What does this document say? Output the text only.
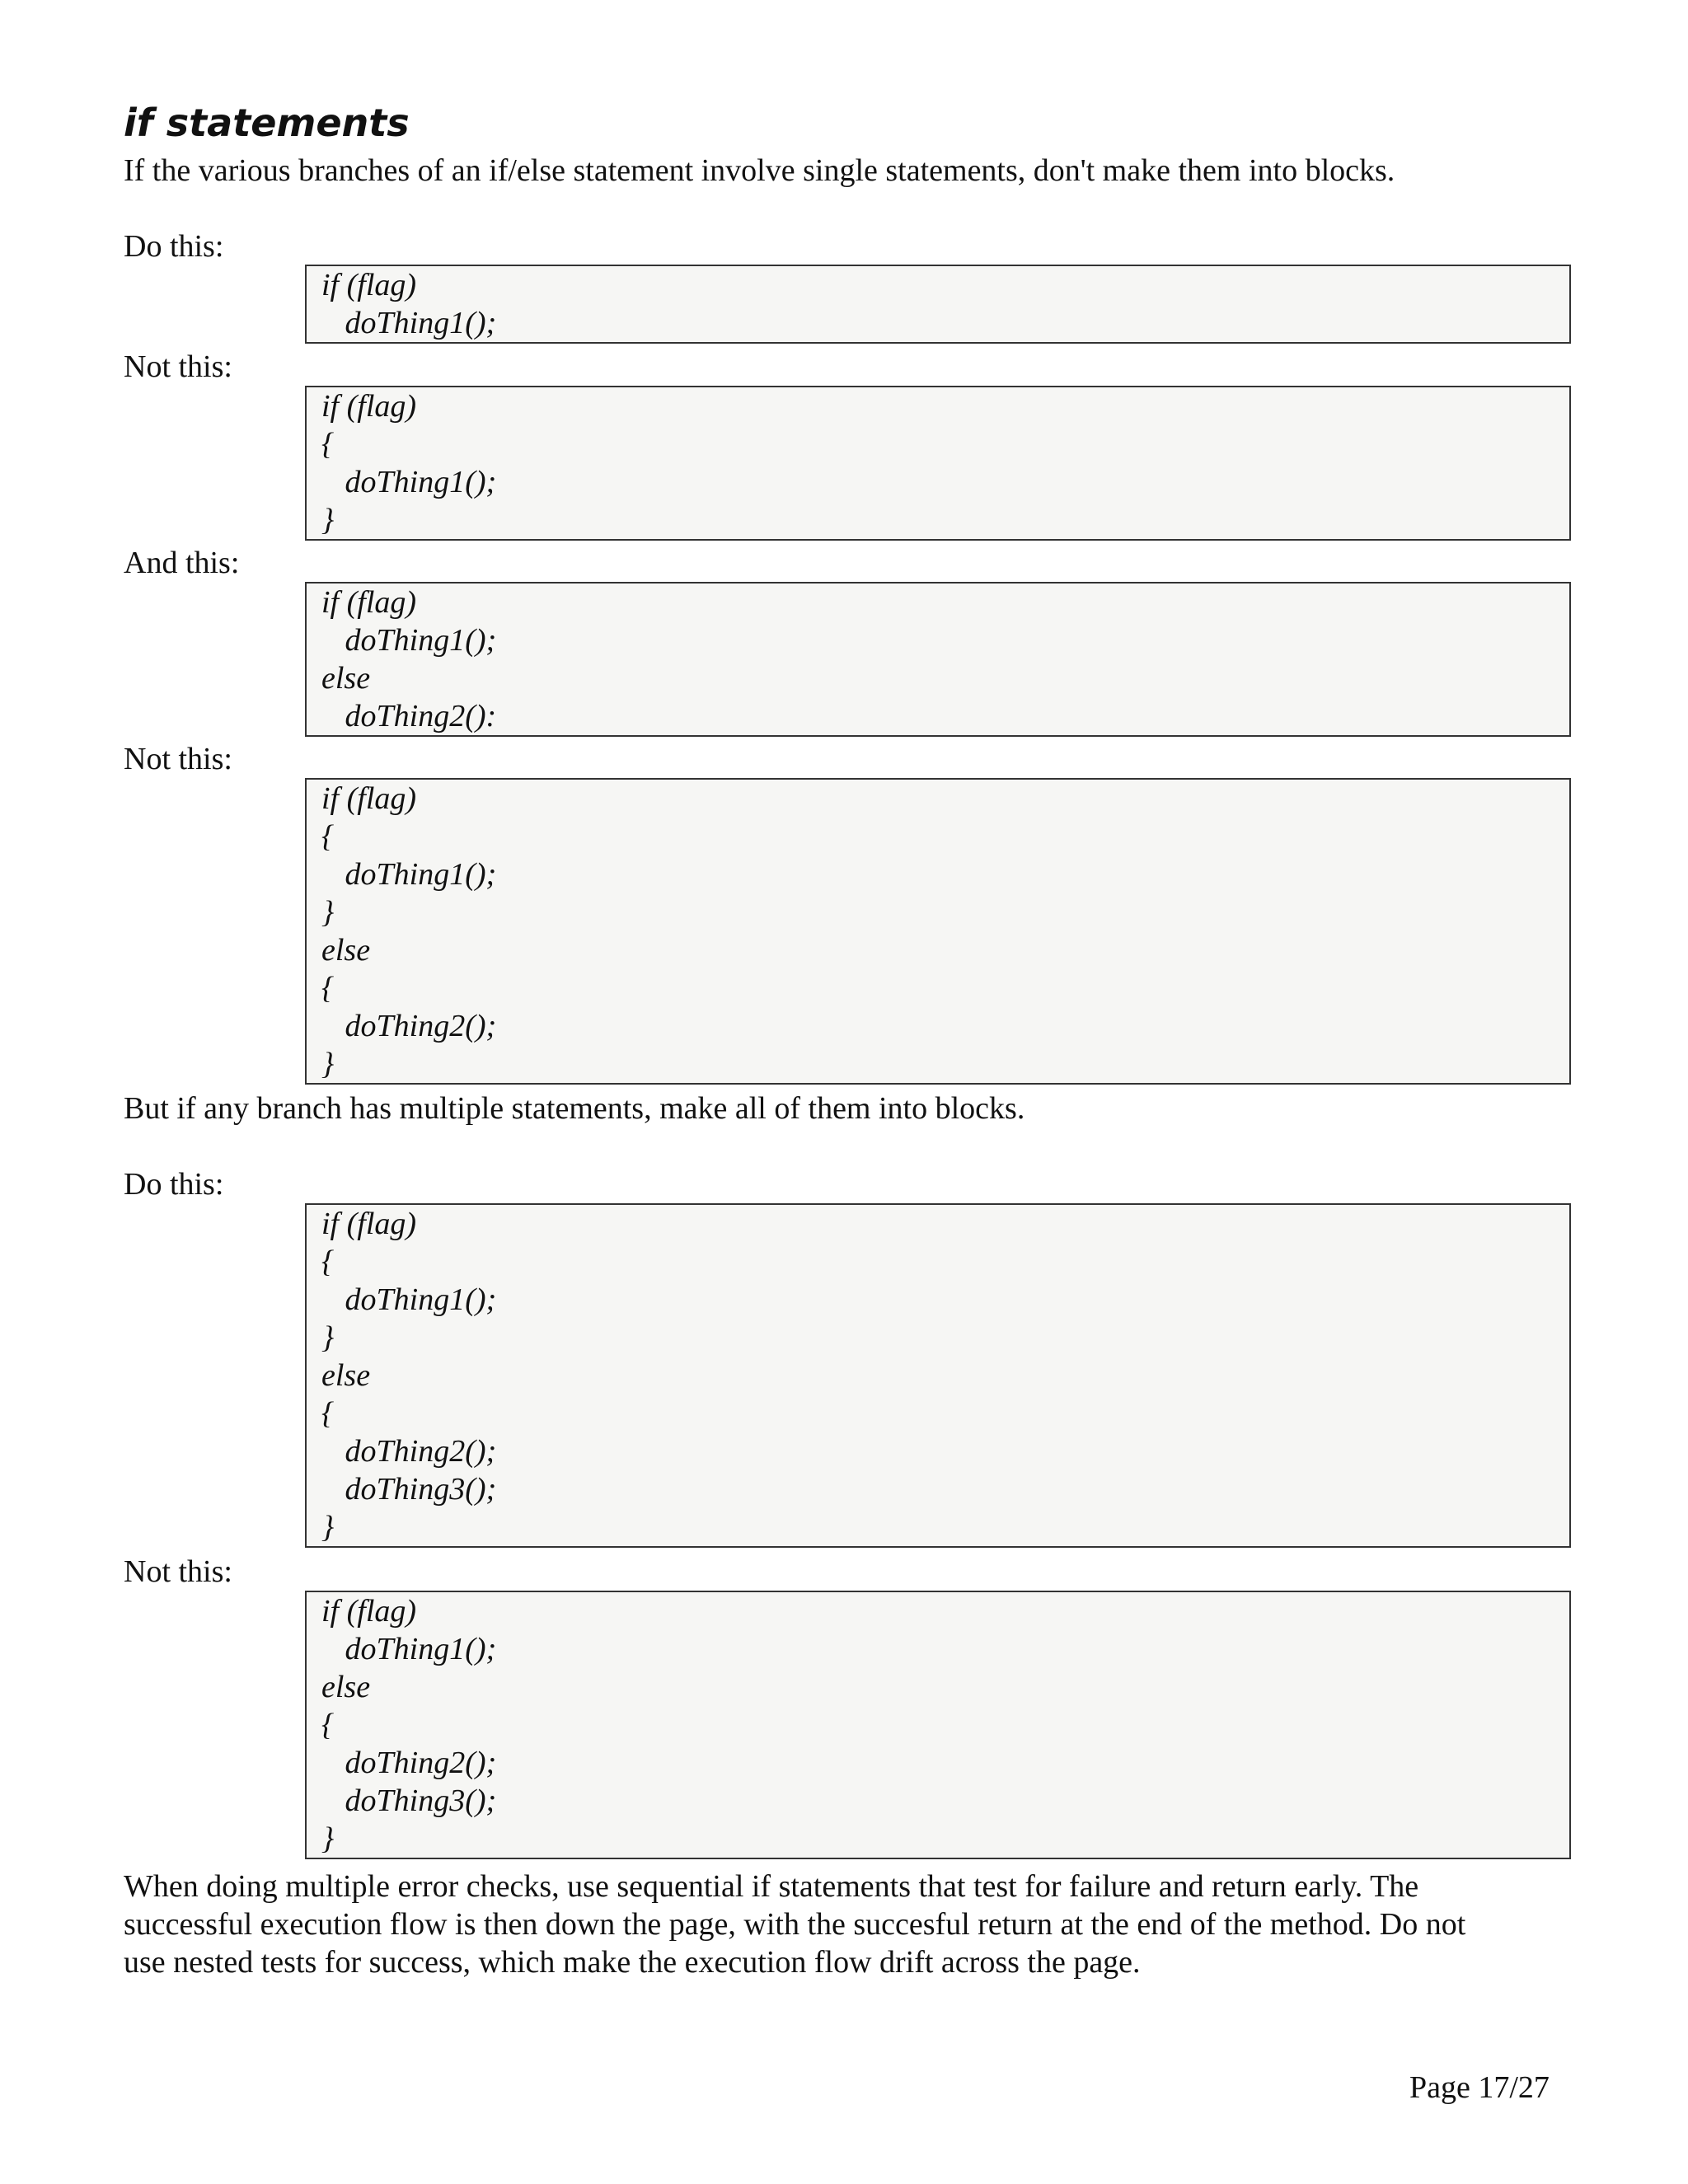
if statements

If the various branches of an if/else statement involve single statements, don't make them into blocks.

Do this:
if (flag)
doThing1();
Not this:
if (flag)
{
doThing1();
}
And this:
if (flag)
doThing1();
else
doThing2():
Not this:
if (flag)
{
doThing1();
}
else
{
doThing2();
}

But if any branch has multiple statements, make all of them into blocks.

Do this:
if (flag)
{
doThing1();
}
else
{
doThing2();
doThing3();
}
Not this:
if (flag)
doThing1();
else
{
doThing2();
doThing3();
}

When doing multiple error checks, use sequential if statements that test for failure and return early. The

successful execution flow is then down the page, with the succesful return at the end of the method. Do not

use nested tests for success, which make the execution flow drift across the page.

Page 17/27
